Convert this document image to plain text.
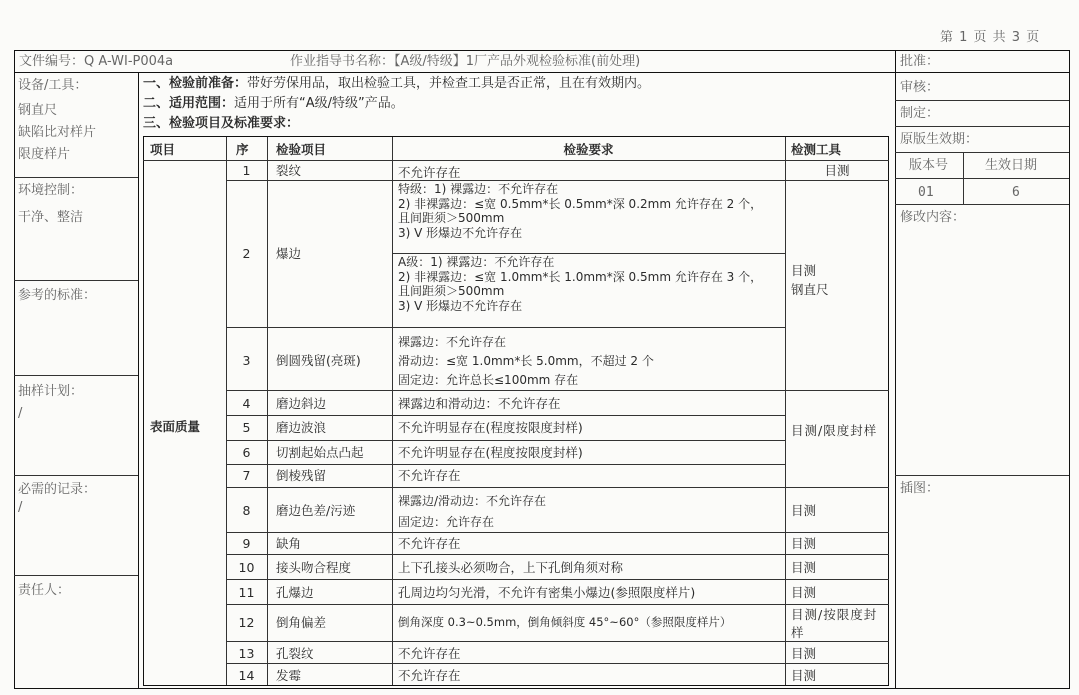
第 1 页 共 3 页
文件编号：Q A-WI-P004a	作业指导书名称：【A级/特级】1厂产品外观检验标准(前处理)	批准：
审核：
制定：
原版生效期：
版本号	生效日期
01	6
修改内容：
插图：
设备/工具：
钢直尺
缺陷比对样片
限度样片
环境控制：
干净、整洁
参考的标准：
抽样计划：
/
必需的记录：
/
责任人：
一、检验前准备：带好劳保用品，取出检验工具，并检查工具是否正常，且在有效期内。
二、适用范围：适用于所有“A级/特级”产品。
三、检验项目及标准要求：
项目	序 检验项目	检验要求	检测工具
表面质量
1	裂纹	不允许存在	目测
2	爆边
特级：1) 裸露边：不允许存在
2) 非裸露边：≤宽 0.5mm*长 0.5mm*深 0.2mm 允许存在 2 个，
且间距须＞500mm
3) V 形爆边不允许存在
A级：1) 裸露边：不允许存在
2) 非裸露边：≤宽 1.0mm*长 1.0mm*深 0.5mm 允许存在 3 个，
且间距须＞500mm
3) V 形爆边不允许存在
目测
钢直尺
3	倒圆残留(亮斑)
裸露边：不允许存在
滑动边：≤宽 1.0mm*长 5.0mm，不超过 2 个
固定边：允许总长≤100mm 存在
4	磨边斜边	裸露边和滑动边：不允许存在
5	磨边波浪	不允许明显存在(程度按限度封样)	目测/限度封样
6	切割起始点凸起	不允许明显存在(程度按限度封样)
7	倒棱残留	不允许存在
8	磨边色差/污迹
裸露边/滑动边：不允许存在
固定边：允许存在
目测
9	缺角	不允许存在	目测
10	接头吻合程度	上下孔接头必须吻合，上下孔倒角须对称	目测
11	孔爆边	孔周边均匀光滑，不允许有密集小爆边(参照限度样片)	目测
12	倒角偏差	倒角深度 0.3~0.5mm，倒角倾斜度 45°~60°（参照限度样片）	目测/按限度封样
13	孔裂纹	不允许存在	目测
14	发霉	不允许存在	目测
